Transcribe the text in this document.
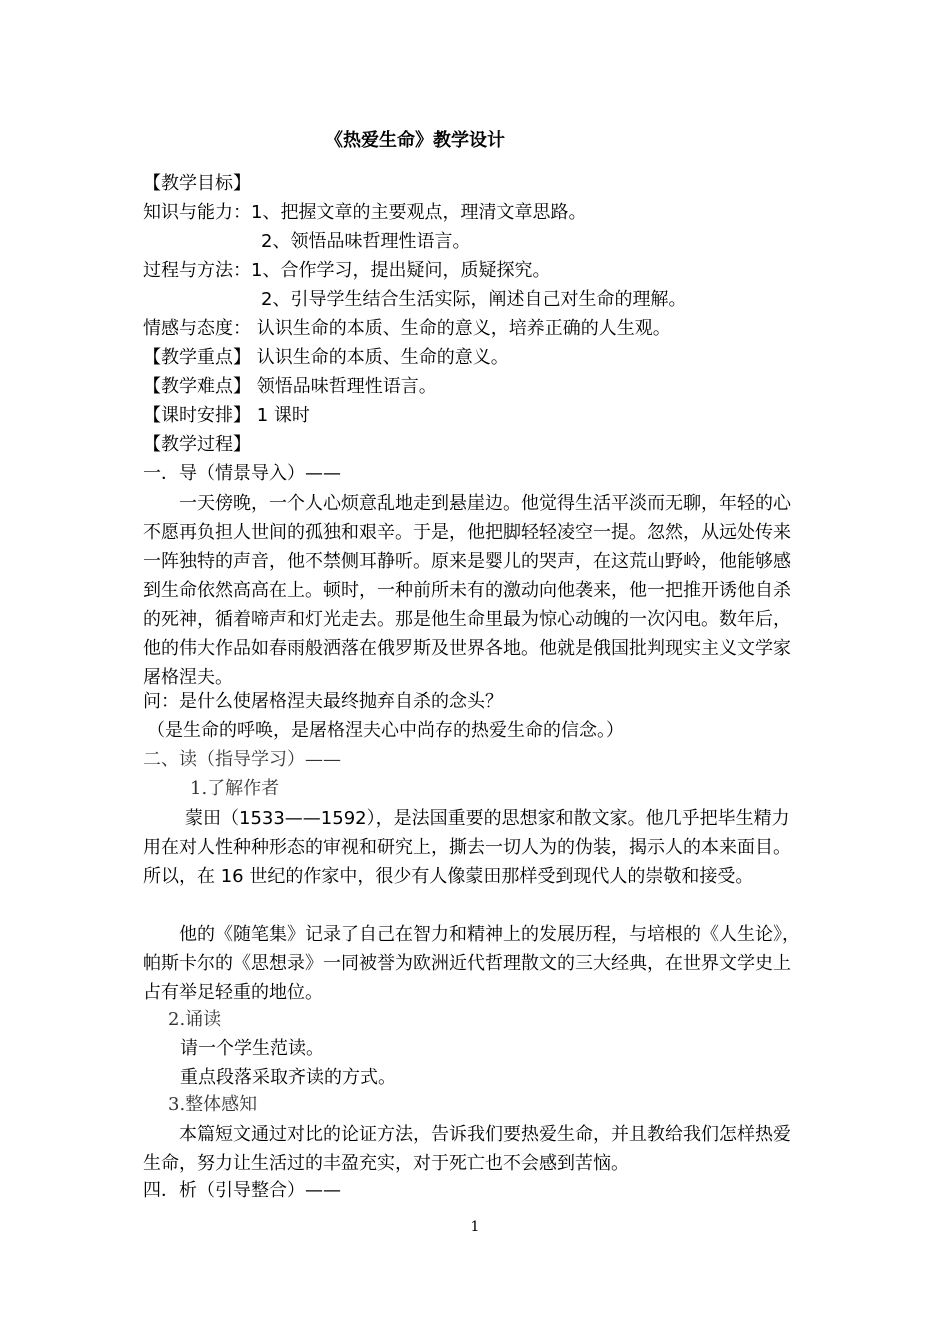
《热爱生命》教学设计
【教学目标】
知识与能力：1、把握文章的主要观点，理清文章思路。
2、领悟品味哲理性语言。
过程与方法：1、合作学习，提出疑问，质疑探究。
2、引导学生结合生活实际，阐述自己对生命的理解。
情感与态度： 认识生命的本质、生命的意义，培养正确的人生观。
【教学重点】 认识生命的本质、生命的意义。
【教学难点】 领悟品味哲理性语言。
【课时安排】 1 课时
【教学过程】
一．导（情景导入）——
一天傍晚，一个人心烦意乱地走到悬崖边。他觉得生活平淡而无聊，年轻的心不愿再负担人世间的孤独和艰辛。于是，他把脚轻轻凌空一提。忽然，从远处传来一阵独特的声音，他不禁侧耳静听。原来是婴儿的哭声，在这荒山野岭，他能够感到生命依然高高在上。顿时，一种前所未有的激动向他袭来，他一把推开诱他自杀的死神，循着啼声和灯光走去。那是他生命里最为惊心动魄的一次闪电。数年后，他的伟大作品如春雨般洒落在俄罗斯及世界各地。他就是俄国批判现实主义文学家屠格涅夫。
问：是什么使屠格涅夫最终抛弃自杀的念头？
（是生命的呼唤，是屠格涅夫心中尚存的热爱生命的信念。）
二、读（指导学习）——
1.了解作者
蒙田（1533——1592），是法国重要的思想家和散文家。他几乎把毕生精力用在对人性种种形态的审视和研究上，撕去一切人为的伪装，揭示人的本来面目。所以，在 16 世纪的作家中，很少有人像蒙田那样受到现代人的崇敬和接受。
他的《随笔集》记录了自己在智力和精神上的发展历程，与培根的《人生论》，帕斯卡尔的《思想录》一同被誉为欧洲近代哲理散文的三大经典，在世界文学史上占有举足轻重的地位。
2.诵读
请一个学生范读。
重点段落采取齐读的方式。
3.整体感知
本篇短文通过对比的论证方法，告诉我们要热爱生命，并且教给我们怎样热爱生命，努力让生活过的丰盈充实，对于死亡也不会感到苦恼。
四．析（引导整合）——
1
